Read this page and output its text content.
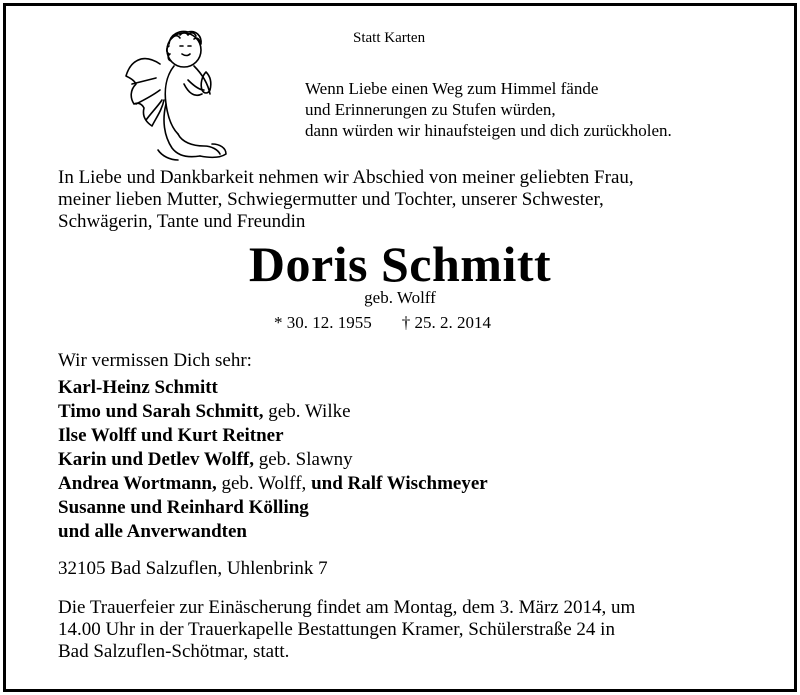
Statt Karten
Wenn Liebe einen Weg zum Himmel fände
und Erinnerungen zu Stufen würden,
dann würden wir hinaufsteigen und dich zurückholen.
In Liebe und Dankbarkeit nehmen wir Abschied von meiner geliebten Frau,
meiner lieben Mutter, Schwiegermutter und Tochter, unserer Schwester,
Schwägerin, Tante und Freundin
Doris Schmitt
geb. Wolff
* 30. 12. 1955 † 25. 2. 2014
Wir vermissen Dich sehr:
Karl-Heinz Schmitt
Timo und Sarah Schmitt, geb. Wilke
Ilse Wolff und Kurt Reitner
Karin und Detlev Wolff, geb. Slawny
Andrea Wortmann, geb. Wolff, und Ralf Wischmeyer
Susanne und Reinhard Kölling
und alle Anverwandten
32105 Bad Salzuflen, Uhlenbrink 7
Die Trauerfeier zur Einäscherung findet am Montag, dem 3. März 2014, um
14.00 Uhr in der Trauerkapelle Bestattungen Kramer, Schülerstraße 24 in
Bad Salzuflen-Schötmar, statt.
